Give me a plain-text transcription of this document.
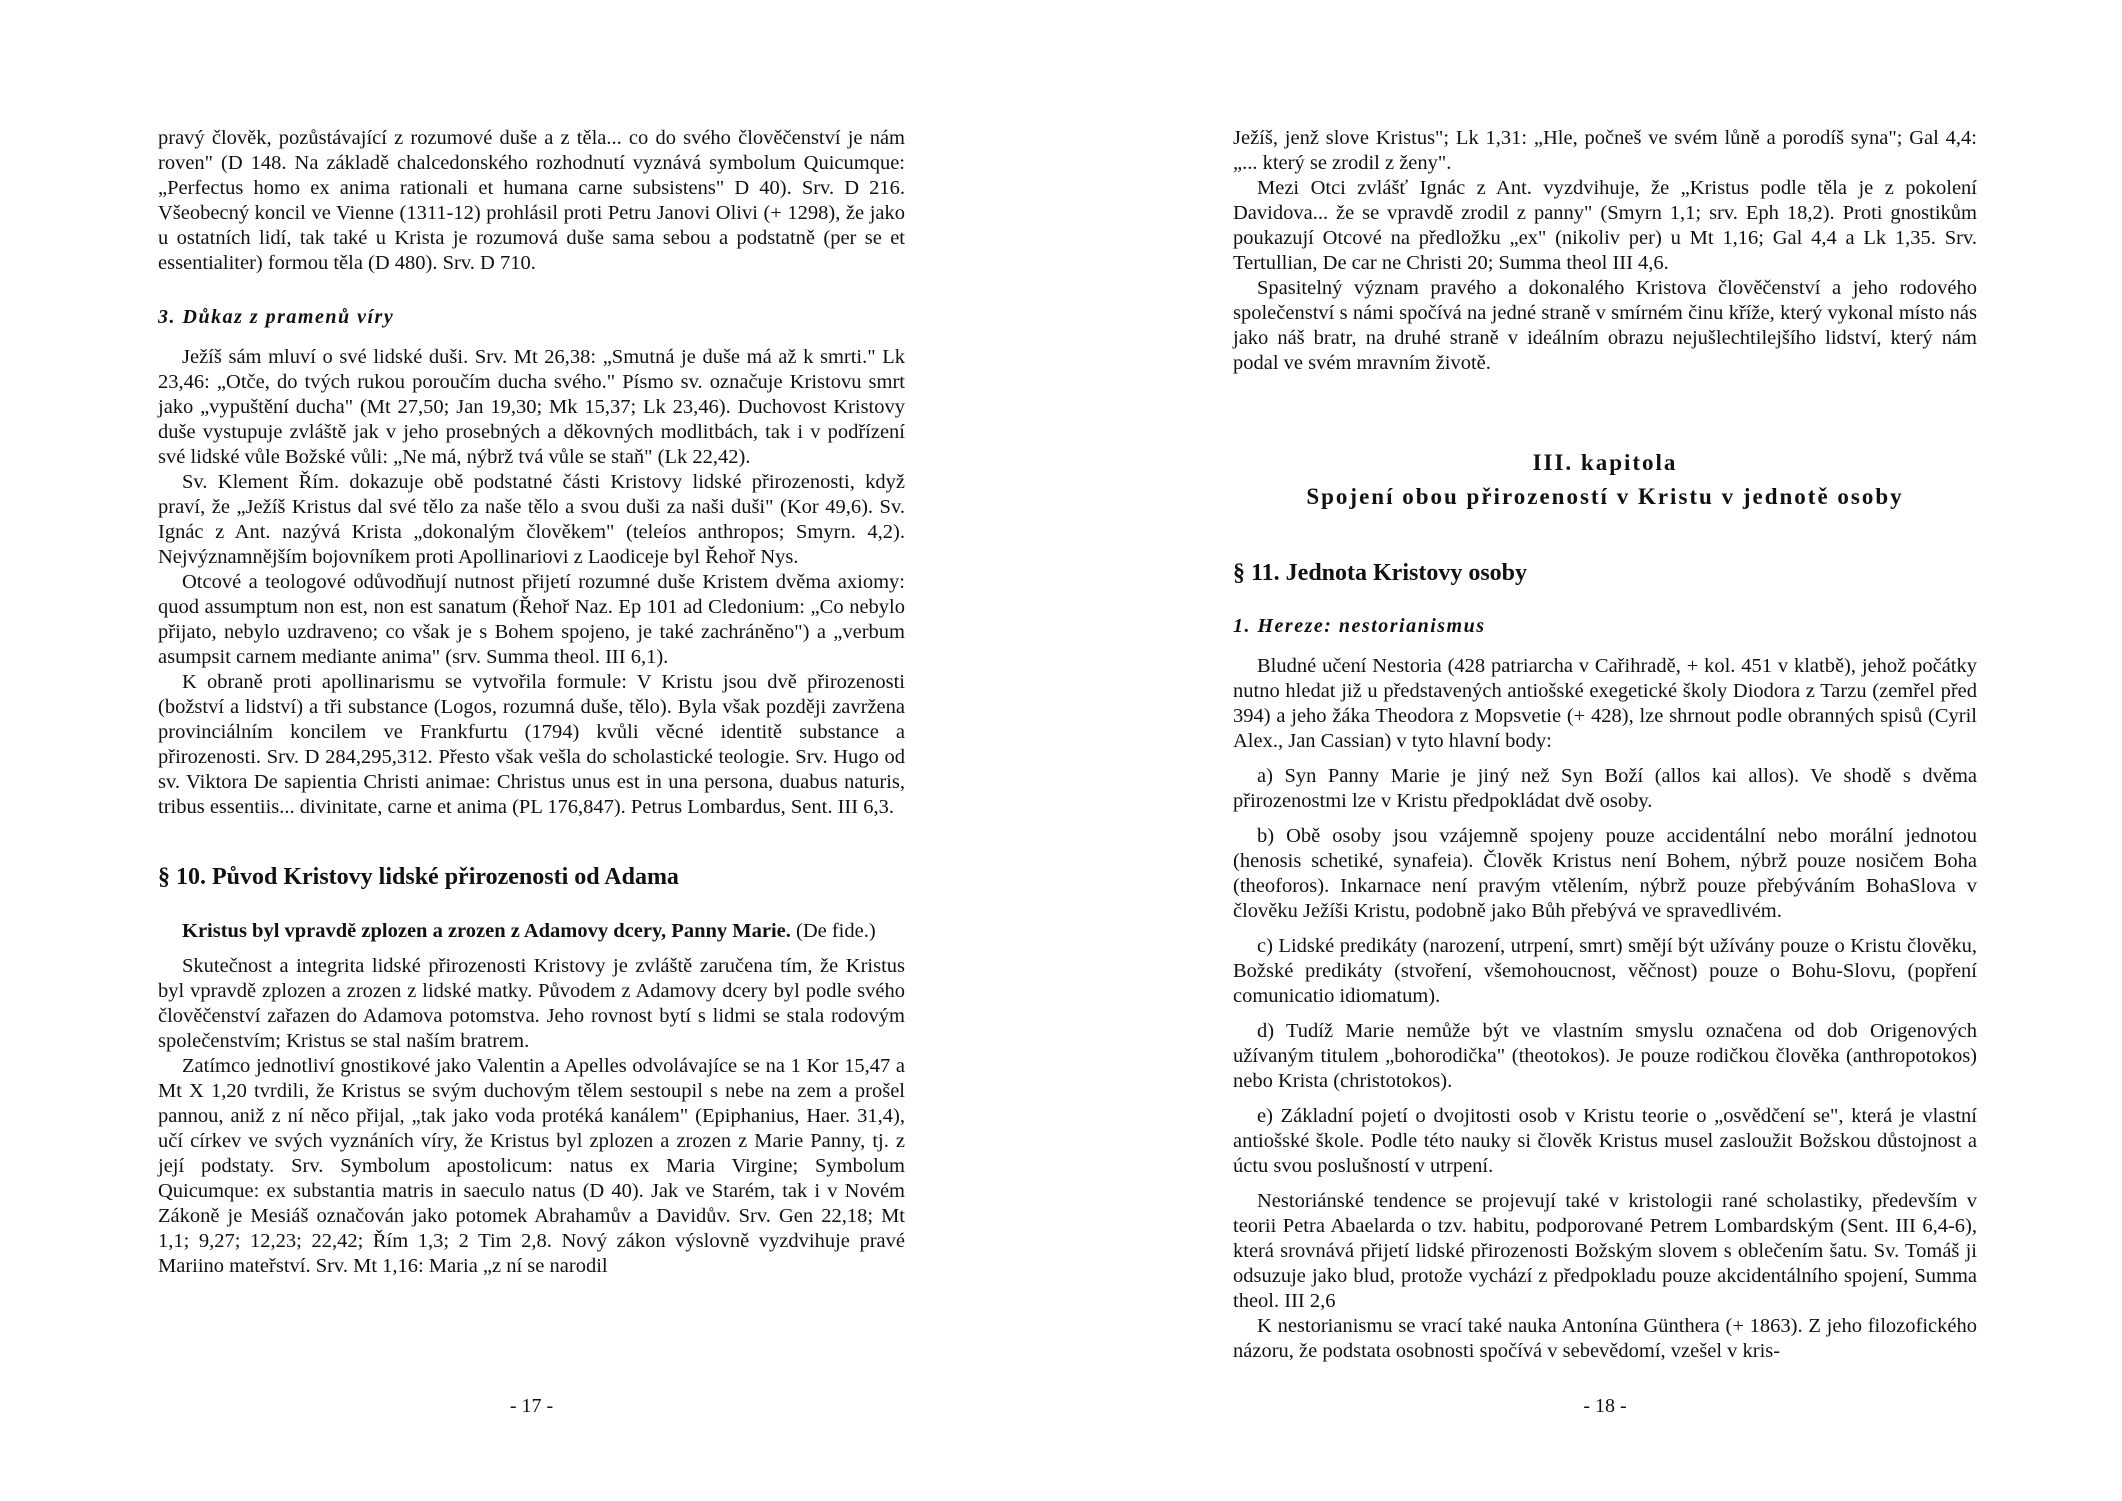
pravý člověk, pozůstávající z rozumové duše a z těla... co do svého člověčenství je nám roven" (D 148. Na základě chalcedonského rozhodnutí vyznává symbolum Quicumque: „Perfectus homo ex anima rationali et humana carne subsistens" D 40). Srv. D 216. Všeobecný koncil ve Vienne (1311-12) prohlásil proti Petru Janovi Olivi (+ 1298), že jako u ostatních lidí, tak také u Krista je rozumová duše sama sebou a podstatně (per se et essentialiter) formou těla (D 480). Srv. D 710.

3. Důkaz z pramenů víry

Ježíš sám mluví o své lidské duši. Srv. Mt 26,38: „Smutná je duše má až k smrti." Lk 23,46: „Otče, do tvých rukou poroučím ducha svého." Písmo sv. označuje Kristovu smrt jako „vypuštění ducha" (Mt 27,50; Jan 19,30; Mk 15,37; Lk 23,46). Duchovost Kristovy duše vystupuje zvláště jak v jeho prosebných a děkovných modlitbách, tak i v podřízení své lidské vůle Božské vůli: „Ne má, nýbrž tvá vůle se staň" (Lk 22,42).

Sv. Klement Řím. dokazuje obě podstatné části Kristovy lidské přirozenosti, když praví, že „Ježíš Kristus dal své tělo za naše tělo a svou duši za naši duši" (Kor 49,6). Sv. Ignác z Ant. nazývá Krista „dokonalým člověkem" (teleíos anthropos; Smyrn. 4,2). Nejvýznamnějším bojovníkem proti Apollinariovi z Laodiceje byl Řehoř Nys.

Otcové a teologové odůvodňují nutnost přijetí rozumné duše Kristem dvěma axiomy: quod assumptum non est, non est sanatum (Řehoř Naz. Ep 101 ad Cledonium: „Co nebylo přijato, nebylo uzdraveno; co však je s Bohem spojeno, je také zachráněno") a „verbum asumpsit carnem mediante anima" (srv. Summa theol. III 6,1).

K obraně proti apollinarismu se vytvořila formule: V Kristu jsou dvě přirozenosti (božství a lidství) a tři substance (Logos, rozumná duše, tělo). Byla však později zavržena provinciálním koncilem ve Frankfurtu (1794) kvůli věcné identitě substance a přirozenosti. Srv. D 284,295,312. Přesto však vešla do scholastické teologie. Srv. Hugo od sv. Viktora De sapientia Christi animae: Christus unus est in una persona, duabus naturis, tribus essentiis... divinitate, carne et anima (PL 176,847). Petrus Lombardus, Sent. III 6,3.

§ 10. Původ Kristovy lidské přirozenosti od Adama
Kristus byl vpravdě zplozen a zrozen z Adamovy dcery, Panny Marie. (De fide.)

Skutečnost a integrita lidské přirozenosti Kristovy je zvláště zaručena tím, že Kristus byl vpravdě zplozen a zrozen z lidské matky. Původem z Adamovy dcery byl podle svého člověčenství zařazen do Adamova potomstva. Jeho rovnost bytí s lidmi se stala rodovým společenstvím; Kristus se stal naším bratrem.

Zatímco jednotliví gnostikové jako Valentin a Apelles odvolávajíce se na 1 Kor 15,47 a Mt X 1,20 tvrdili, že Kristus se svým duchovým tělem sestoupil s nebe na zem a prošel pannou, aniž z ní něco přijal, „tak jako voda protéká kanálem" (Epiphanius, Haer. 31,4), učí církev ve svých vyznáních víry, že Kristus byl zplozen a zrozen z Marie Panny, tj. z její podstaty. Srv. Symbolum apostolicum: natus ex Maria Virgine; Symbolum Quicumque: ex substantia matris in saeculo natus (D 40). Jak ve Starém, tak i v Novém Zákoně je Mesiáš označován jako potomek Abrahamův a Davidův. Srv. Gen 22,18; Mt 1,1; 9,27; 12,23; 22,42; Řím 1,3; 2 Tim 2,8. Nový zákon výslovně vyzdvihuje pravé Mariino mateřství. Srv. Mt 1,16: Maria „z ní se narodil

- 17 -

Ježíš, jenž slove Kristus"; Lk 1,31: „Hle, počneš ve svém lůně a porodíš syna"; Gal 4,4: „... který se zrodil z ženy".

Mezi Otci zvlášť Ignác z Ant. vyzdvihuje, že „Kristus podle těla je z pokolení Davidova... že se vpravdě zrodil z panny" (Smyrn 1,1; srv. Eph 18,2). Proti gnostikům poukazují Otcové na předložku „ex" (nikoliv per) u Mt 1,16; Gal 4,4 a Lk 1,35. Srv. Tertullian, De car ne Christi 20; Summa theol III 4,6.

Spasitelný význam pravého a dokonalého Kristova člověčenství a jeho rodového společenství s námi spočívá na jedné straně v smírném činu kříže, který vykonal místo nás jako náš bratr, na druhé straně v ideálním obrazu nejušlechtilejšího lidství, který nám podal ve svém mravním životě.

III. kapitola
Spojení obou přirozeností v Kristu v jednotě osoby
§ 11. Jednota Kristovy osoby
1. Hereze: nestorianismus

Bludné učení Nestoria (428 patriarcha v Cařihradě, + kol. 451 v klatbě), jehož počátky nutno hledat již u představených antiošské exegetické školy Diodora z Tarzu (zemřel před 394) a jeho žáka Theodora z Mopsvetie (+ 428), lze shrnout podle obranných spisů (Cyril Alex., Jan Cassian) v tyto hlavní body:

a) Syn Panny Marie je jiný než Syn Boží (allos kai allos). Ve shodě s dvěma přirozenostmi lze v Kristu předpokládat dvě osoby.

b) Obě osoby jsou vzájemně spojeny pouze accidentální nebo morální jednotou (henosis schetiké, synafeia). Člověk Kristus není Bohem, nýbrž pouze nosičem Boha (theoforos). Inkarnace není pravým vtělením, nýbrž pouze přebýváním BohaSlova v člověku Ježíši Kristu, podobně jako Bůh přebývá ve spravedlivém.

c) Lidské predikáty (narození, utrpení, smrt) smějí být užívány pouze o Kristu člověku, Božské predikáty (stvoření, všemohoucnost, věčnost) pouze o Bohu-Slovu, (popření comunicatio idiomatum).

d) Tudíž Marie nemůže být ve vlastním smyslu označena od dob Origenových užívaným titulem „bohorodička" (theotokos). Je pouze rodičkou člověka (anthropotokos) nebo Krista (christotokos).

e) Základní pojetí o dvojitosti osob v Kristu teorie o „osvědčení se", která je vlastní antiošské škole. Podle této nauky si člověk Kristus musel zasloužit Božskou důstojnost a úctu svou poslušností v utrpení.

Nestoriánské tendence se projevují také v kristologii rané scholastiky, především v teorii Petra Abaelarda o tzv. habitu, podporované Petrem Lombardským (Sent. III 6,4-6), která srovnává přijetí lidské přirozenosti Božským slovem s oblečením šatu. Sv. Tomáš ji odsuzuje jako blud, protože vychází z předpokladu pouze akcidentálního spojení, Summa theol. III 2,6

K nestorianismu se vrací také nauka Antonína Günthera (+ 1863). Z jeho filozofického názoru, že podstata osobnosti spočívá v sebevědomí, vzešel v kris-

- 18 -
